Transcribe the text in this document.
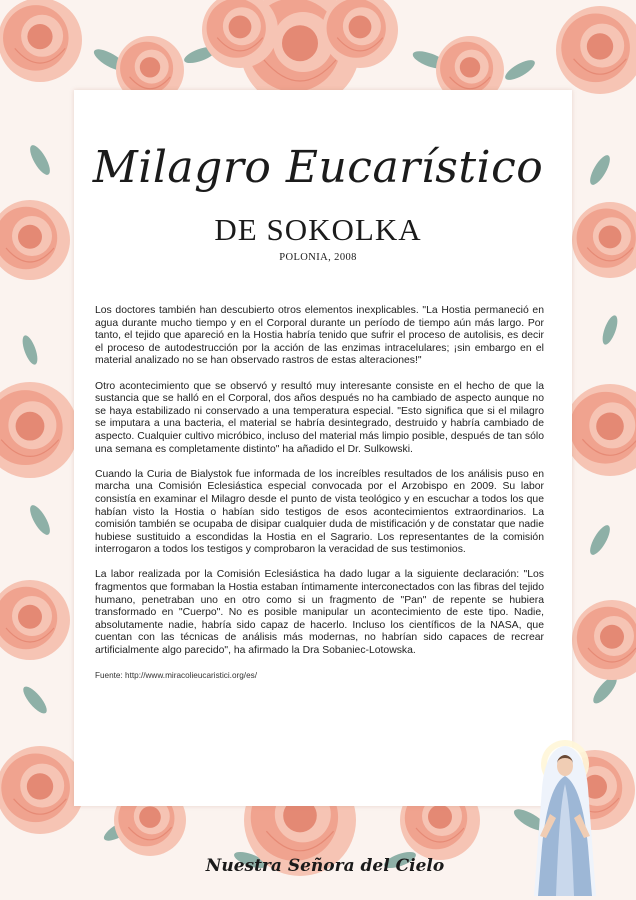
Milagro Eucarístico
DE SOKOLKA
POLONIA, 2008

Los doctores también han descubierto otros elementos inexplicables. "La Hostia permaneció en agua durante mucho tiempo y en el Corporal durante un período de tiempo aún más largo. Por tanto, el tejido que apareció en la Hostia habría tenido que sufrir el proceso de autolisis, es decir el proceso de autodestrucción por la acción de las enzimas intracelulares; ¡sin embargo en el material analizado no se han observado rastros de estas alteraciones!"

Otro acontecimiento que se observó y resultó muy interesante consiste en el hecho de que la sustancia que se halló en el Corporal, dos años después no ha cambiado de aspecto aunque no se haya estabilizado ni conservado a una temperatura especial. "Esto significa que si el milagro se imputara a una bacteria, el material se habría desintegrado, destruido y habría cambiado de aspecto. Cualquier cultivo micróbico, incluso del material más limpio posible, después de tan sólo una semana es completamente distinto" ha añadido el Dr. Sulkowski.

Cuando la Curia de Bialystok fue informada de los increíbles resultados de los análisis puso en marcha una Comisión Eclesiástica especial convocada por el Arzobispo en 2009. Su labor consistía en examinar el Milagro desde el punto de vista teológico y en escuchar a todos los que habían visto la Hostia o habían sido testigos de esos acontecimientos extraordinarios. La comisión también se ocupaba de disipar cualquier duda de mistificación y de constatar que nadie hubiese sustituido a escondidas la Hostia en el Sagrario. Los representantes de la comisión interrogaron a todos los testigos y comprobaron la veracidad de sus testimonios.

La labor realizada por la Comisión Eclesiástica ha dado lugar a la siguiente declaración: "Los fragmentos que formaban la Hostia estaban íntimamente interconectados con las fibras del tejido humano, penetraban uno en otro como si un fragmento de "Pan" de repente se hubiera transformado en "Cuerpo". No es posible manipular un acontecimiento de este tipo. Nadie, absolutamente nadie, habría sido capaz de hacerlo. Incluso los científicos de la NASA, que cuentan con las técnicas de análisis más modernas, no habrían sido capaces de recrear artificialmente algo parecido", ha afirmado la Dra Sobaniec-Lotowska.

Fuente: http://www.miracolieucaristici.org/es/

Nuestra Señora del Cielo
